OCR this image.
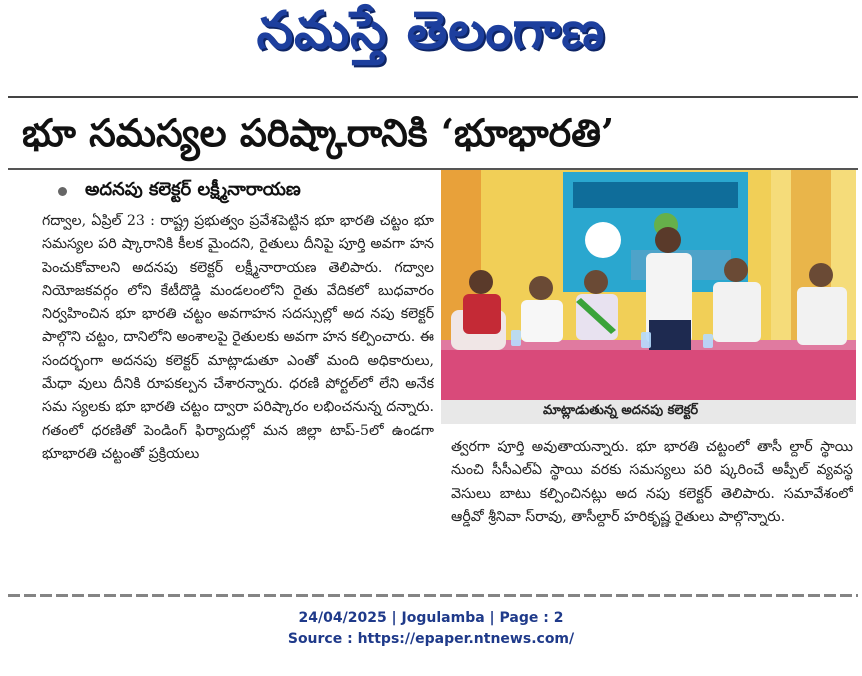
నమస్తే తెలంగాణ
భూ సమస్యల పరిష్కారానికి ‘భూభారతి’
అదనపు కలెక్టర్ లక్ష్మీనారాయణ

గద్వాల, ఏప్రిల్ 23 : రాష్ట్ర ప్రభుత్వం ప్రవేశపెట్టిన భూ భారతి చట్టం భూ సమస్యల పరి ష్కారానికి కీలక మైందని, రైతులు దీనిపై పూర్తి అవగా హన పెంచుకోవాలని అదనపు కలెక్టర్ లక్ష్మీనారాయణ తెలిపారు. గద్వాల నియోజకవర్గం లోని కేటీదొడ్డి మండలంలోని రైతు వేదికలో బుధవారం నిర్వహించిన భూ భారతి చట్టం అవగాహన సదస్సుల్లో అద నపు కలెక్టర్ పాల్గొని చట్టం, దానిలోని అంశాలపై రైతులకు అవగా హన కల్పించారు. ఈ సందర్భంగా అదనపు కలెక్టర్ మాట్లాడుతూ ఎంతో మంది అధికారులు, మేధా వులు దీనికి రూపకల్పన చేశారన్నారు. ధరణి పోర్టల్‌లో లేని అనేక సమ స్యలకు భూ భారతి చట్టం ద్వారా పరిష్కారం లభించనున్న దన్నారు. గతంలో ధరణితో పెండింగ్ ఫిర్యాదుల్లో మన జిల్లా టాప్-5లో ఉండగా భూభారతి చట్టంతో ప్రక్రియలు

మాట్లాడుతున్న అదనపు కలెక్టర్

త్వరగా పూర్తి అవుతాయన్నారు. భూ భారతి చట్టంలో తాసీ ల్దార్ స్థాయి నుంచి సీసీఎల్ఏ స్థాయి వరకు సమస్యలు పరి ష్కరించే అప్పీల్ వ్యవస్థ వెసులు బాటు కల్పించినట్లు అద నపు కలెక్టర్ తెలిపారు. సమావేశంలో ఆర్డీవో శ్రీనివా స్‌రావు, తాసీల్దార్ హరికృష్ణ రైతులు పాల్గొన్నారు.

24/04/2025 | Jogulamba | Page : 2
Source : https://epaper.ntnews.com/
